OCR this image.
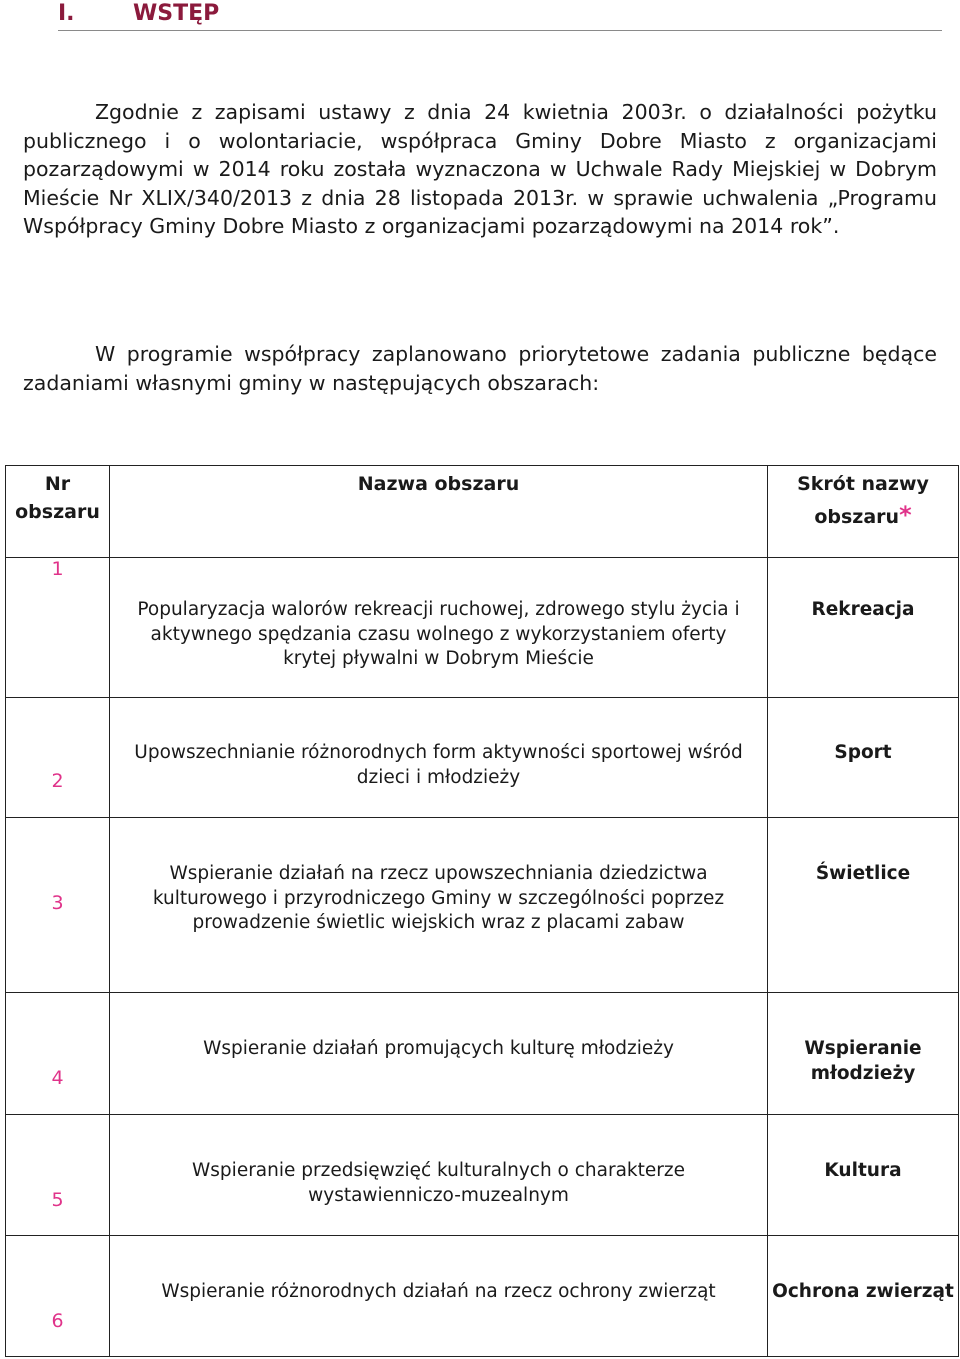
I.	WSTĘP

Zgodnie z zapisami ustawy z dnia 24 kwietnia 2003r. o działalności pożytku publicznego i o wolontariacie, współpraca Gminy Dobre Miasto z organizacjami pozarządowymi w 2014 roku została wyznaczona w Uchwale Rady Miejskiej w Dobrym Mieście Nr XLIX/340/2013 z dnia 28 listopada 2013r. w sprawie uchwalenia „Programu Współpracy Gminy Dobre Miasto z organizacjami pozarządowymi na 2014 rok”.

W programie współpracy zaplanowano priorytetowe zadania publiczne będące zadaniami własnymi gminy w następujących obszarach:

Nr
obszaru	Nazwa obszaru	Skrót nazwy
obszaru*

1	Popularyzacja walorów rekreacji ruchowej, zdrowego stylu życia i aktywnego spędzania czasu wolnego z wykorzystaniem oferty krytej pływalni w Dobrym Mieście	Rekreacja

2	Upowszechnianie różnorodnych form aktywności sportowej wśród dzieci i młodzieży	Sport

3	Wspieranie działań na rzecz upowszechniania dziedzictwa kulturowego i przyrodniczego Gminy w szczególności poprzez prowadzenie świetlic wiejskich wraz z placami zabaw	Świetlice

4	Wspieranie działań promujących kulturę młodzieży	Wspieranie młodzieży

5	Wspieranie przedsięwzięć kulturalnych o charakterze wystawienniczo-muzealnym	Kultura

6	Wspieranie różnorodnych działań na rzecz ochrony zwierząt	Ochrona zwierząt
